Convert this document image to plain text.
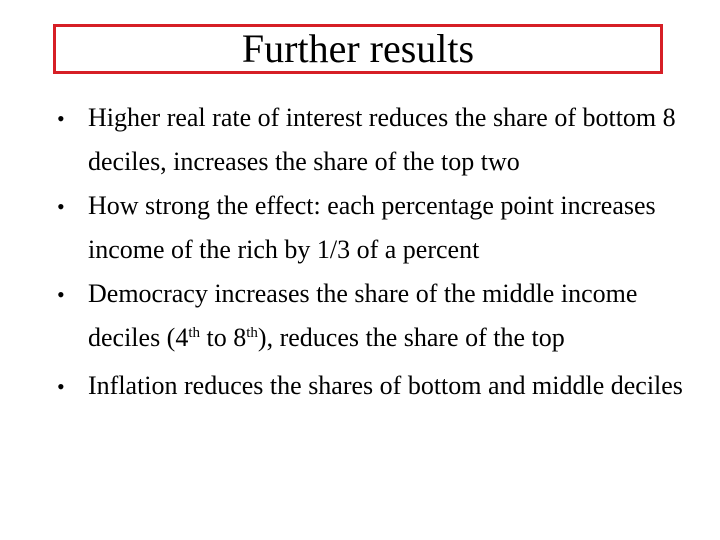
Further results
• Higher real rate of interest reduces the share of bottom 8 deciles, increases the share of the top two
• How strong the effect: each percentage point increases income of the rich by 1/3 of a percent
• Democracy increases the share of the middle income deciles (4th to 8th), reduces the share of the top
• Inflation reduces the shares of bottom and middle deciles
